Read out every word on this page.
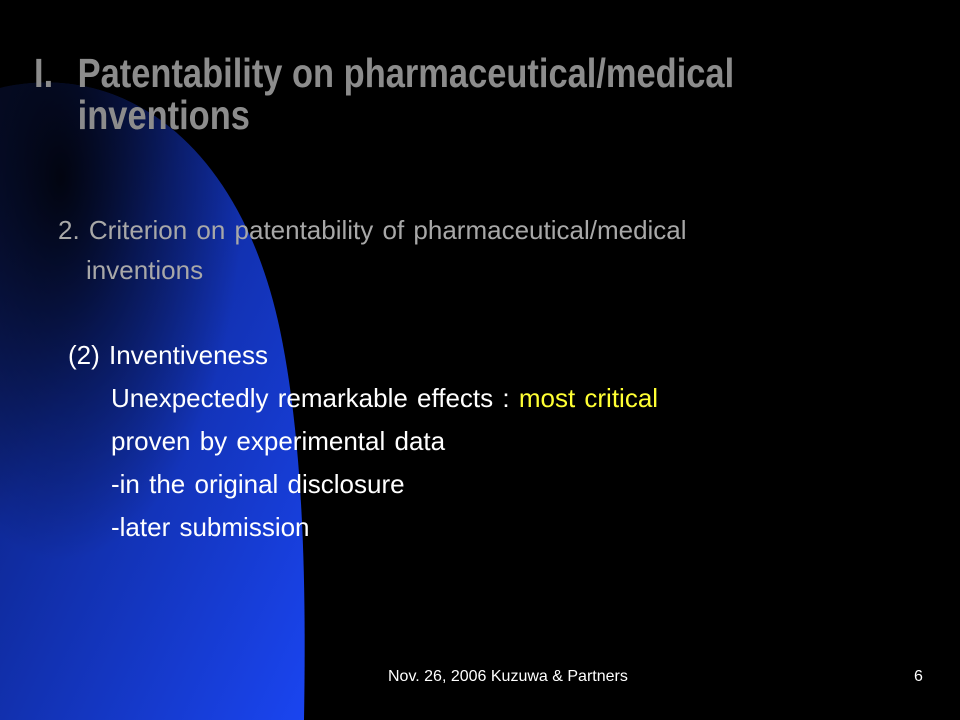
I. Patentability on pharmaceutical/medical
inventions
2. Criterion on patentability of pharmaceutical/medical
inventions
(2) Inventiveness
Unexpectedly remarkable effects : most critical
proven by experimental data
-in the original disclosure
-later submission
Nov. 26, 2006 Kuzuwa & Partners	6
